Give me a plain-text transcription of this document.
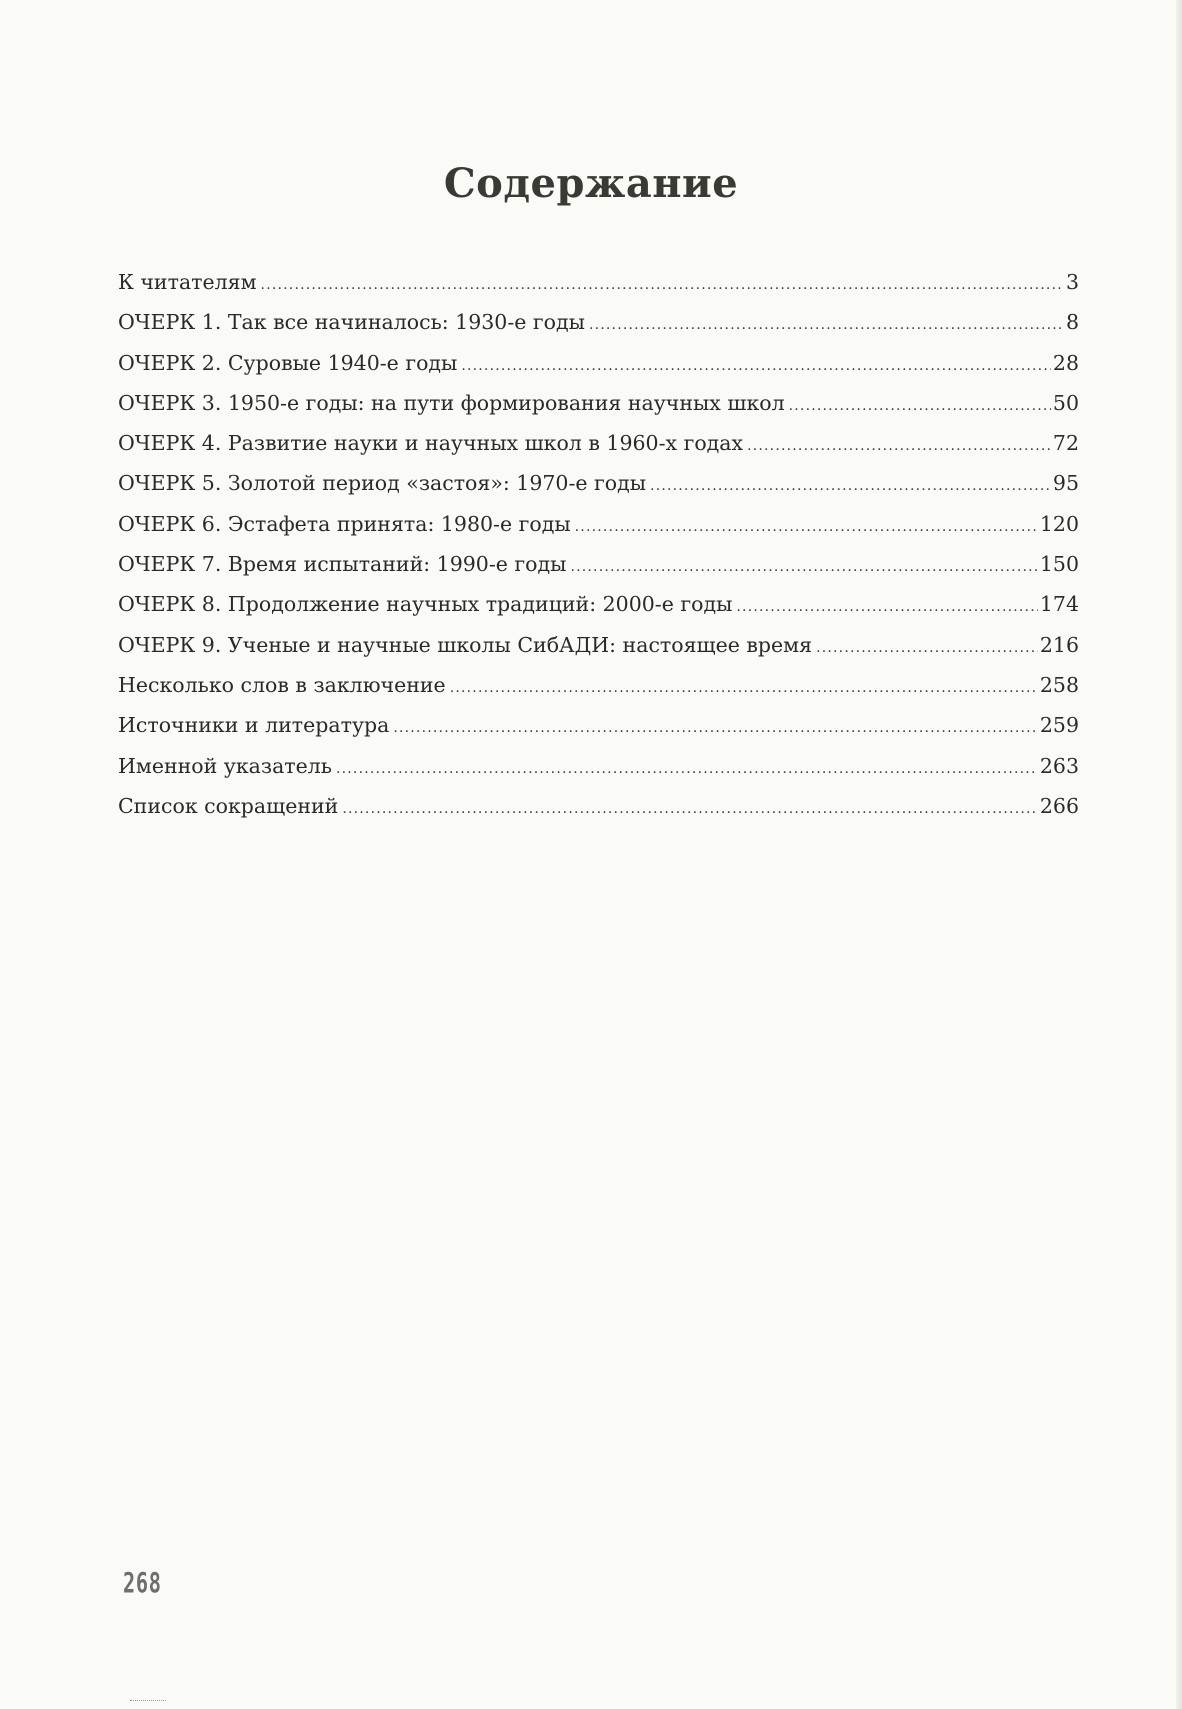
Содержание
К читателям .....	3
ОЧЕРК 1. Так все начиналось: 1930-е годы .....	8
ОЧЕРК 2. Суровые 1940-е годы .....	28
ОЧЕРК 3. 1950-е годы: на пути формирования научных школ .....	50
ОЧЕРК 4. Развитие науки и научных школ в 1960-х годах .....	72
ОЧЕРК 5. Золотой период «застоя»: 1970-е годы .....	95
ОЧЕРК 6. Эстафета принята: 1980-е годы .....	120
ОЧЕРК 7. Время испытаний: 1990-е годы .....	150
ОЧЕРК 8. Продолжение научных традиций: 2000-е годы .....	174
ОЧЕРК 9. Ученые и научные школы СибАДИ: настоящее время .....	216
Несколько слов в заключение .....	258
Источники и литература .....	259
Именной указатель .....	263
Список сокращений .....	266
268
